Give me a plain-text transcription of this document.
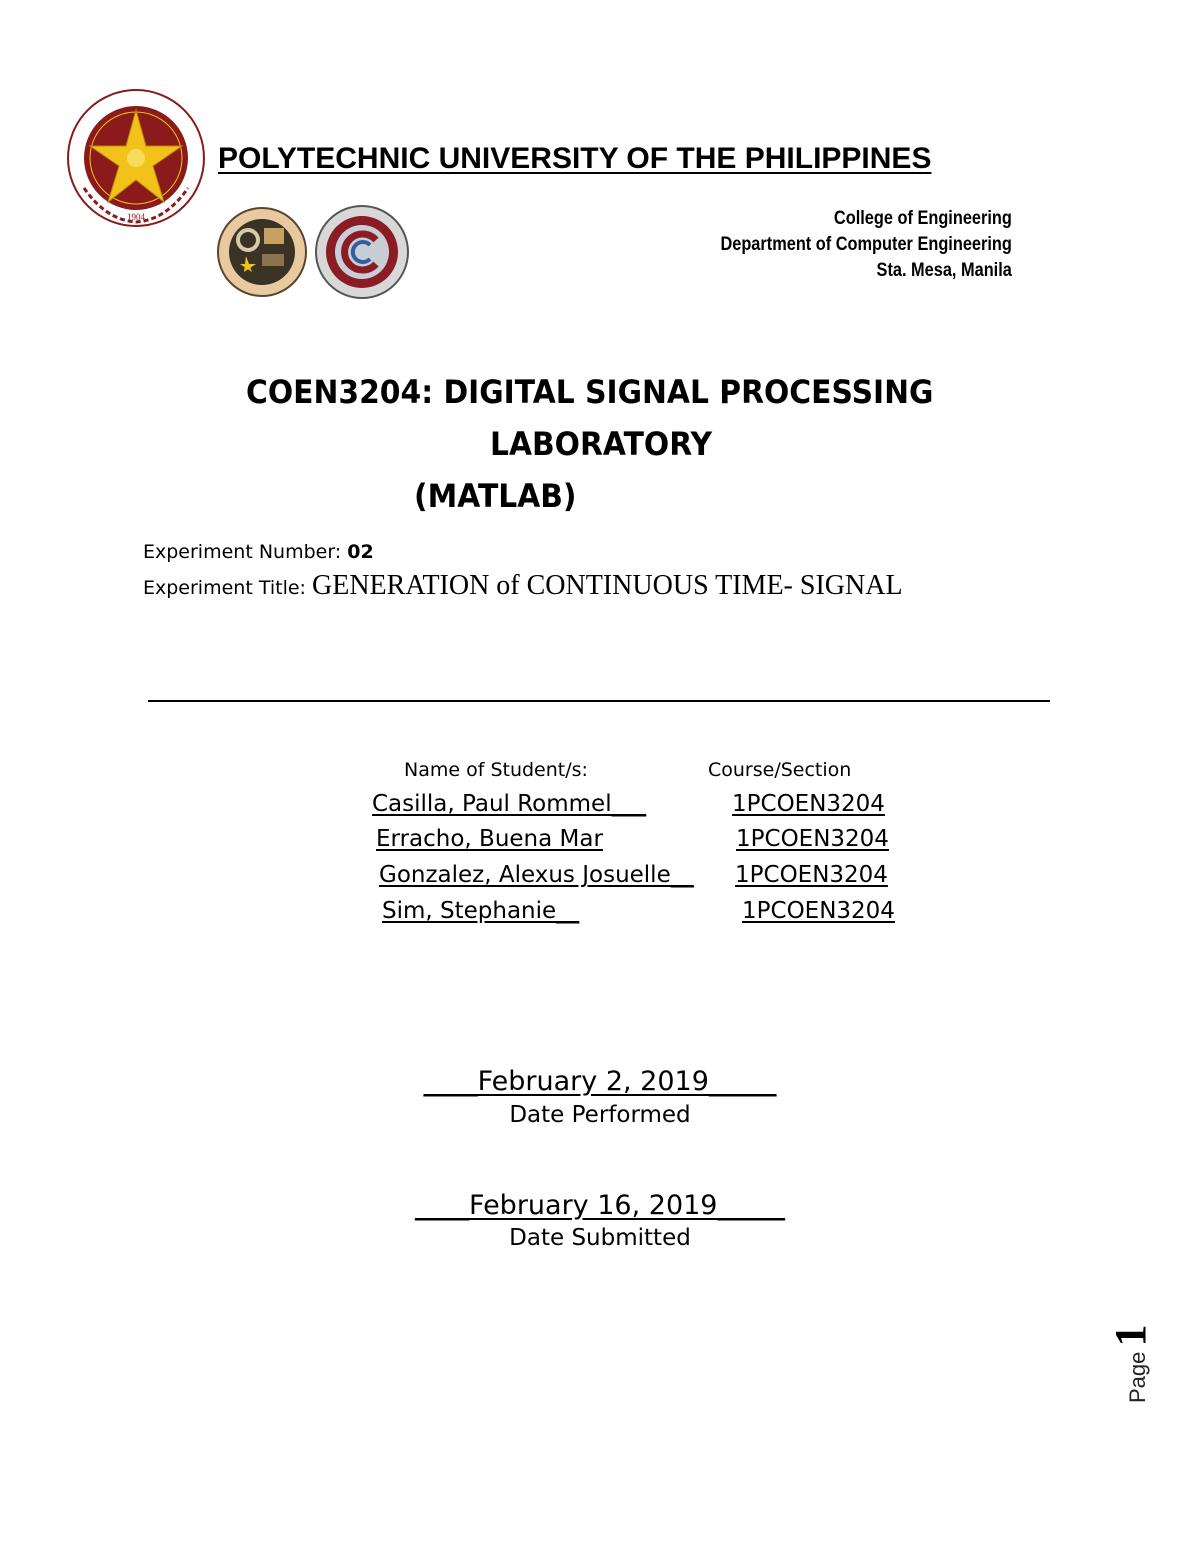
1904
POLYTECHNIC UNIVERSITY OF THE PHILIPPINES
College of Engineering
Department of Computer Engineering
Sta. Mesa, Manila
COEN3204: DIGITAL SIGNAL PROCESSING
LABORATORY
(MATLAB)
Experiment Number: 02
Experiment Title: GENERATION of CONTINUOUS TIME- SIGNAL
Name of Student/s:	Course/Section
Casilla, Paul Rommel___	1PCOEN3204
Erracho, Buena Mar	1PCOEN3204
Gonzalez, Alexus Josuelle__ 1PCOEN3204
Sim, Stephanie__	1PCOEN3204
____February 2, 2019_____
Date Performed
____February 16, 2019_____
Date Submitted
Page 1
